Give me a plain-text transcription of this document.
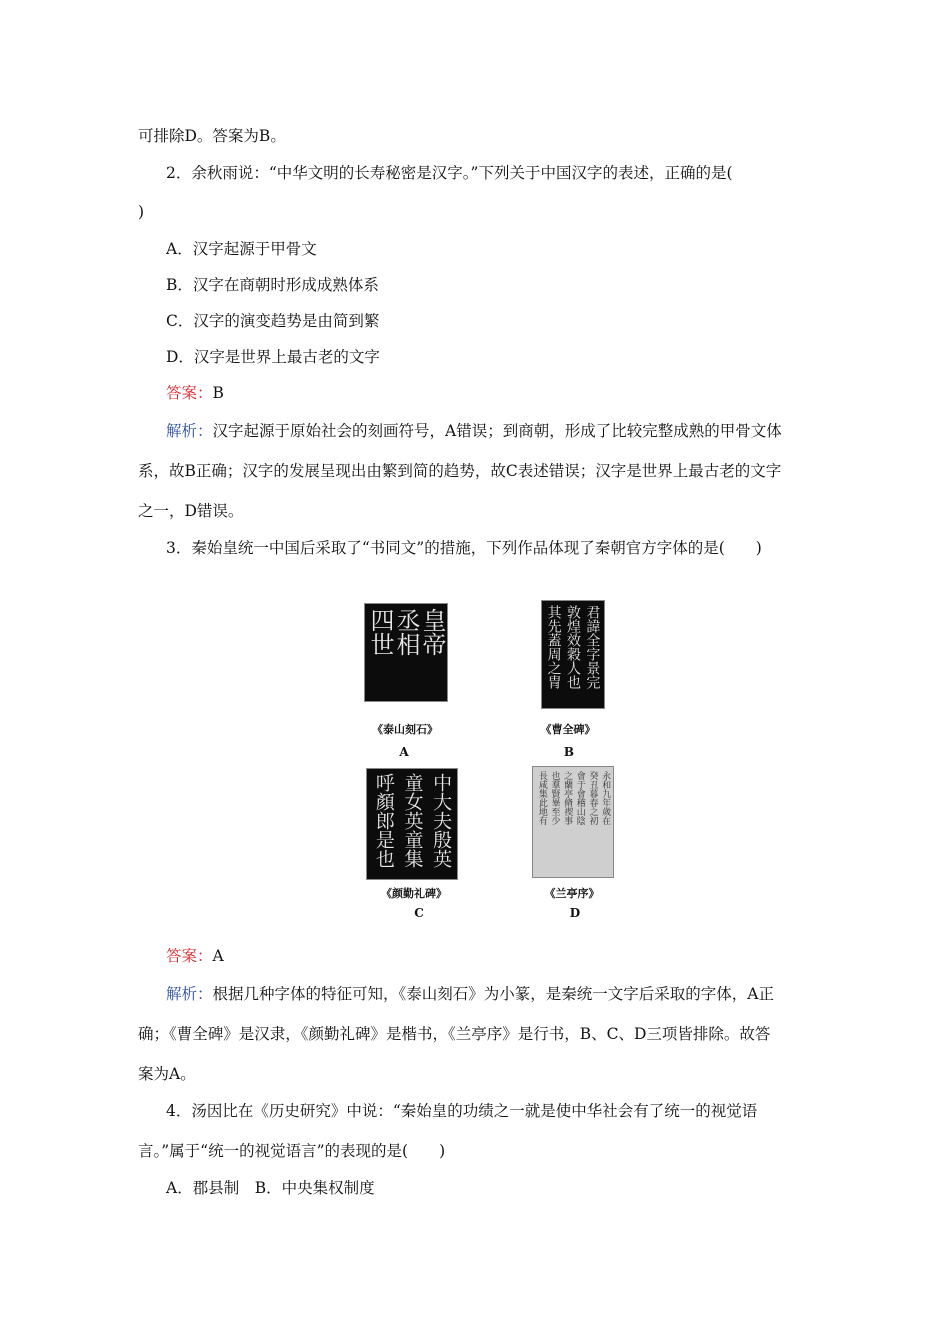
可排除D。答案为B。
2．余秋雨说：“中华文明的长寿秘密是汉字。”下列关于中国汉字的表述，正确的是(
)
A．汉字起源于甲骨文
B．汉字在商朝时形成成熟体系
C．汉字的演变趋势是由简到繁
D．汉字是世界上最古老的文字
答案：B
解析：汉字起源于原始社会的刻画符号，A错误；到商朝，形成了比较完整成熟的甲骨文体
系，故B正确；汉字的发展呈现出由繁到简的趋势，故C表述错误；汉字是世界上最古老的文字
之一，D错误。
3．秦始皇统一中国后采取了“书同文”的措施，下列作品体现了秦朝官方字体的是(　　)
皇帝
丞相
四世
《泰山刻石》
A
君諱全字景完
敦煌效穀人也
其先蓋周之冑
《曹全碑》
B
中大夫殷英
童女英童集
呼顏郎是也
《颜勤礼碑》
C
永和九年歲在
癸丑暮春之初
會于會稽山陰
之蘭亭脩禊事
也羣賢畢至少
長咸集此地有
《兰亭序》
D
答案：A
解析：根据几种字体的特征可知，《泰山刻石》为小篆，是秦统一文字后采取的字体，A正
确；《曹全碑》是汉隶，《颜勤礼碑》是楷书，《兰亭序》是行书，B、C、D三项皆排除。故答
案为A。
4．汤因比在《历史研究》中说：“秦始皇的功绩之一就是使中华社会有了统一的视觉语
言。”属于“统一的视觉语言”的表现的是(　　)
A．郡县制　B．中央集权制度
